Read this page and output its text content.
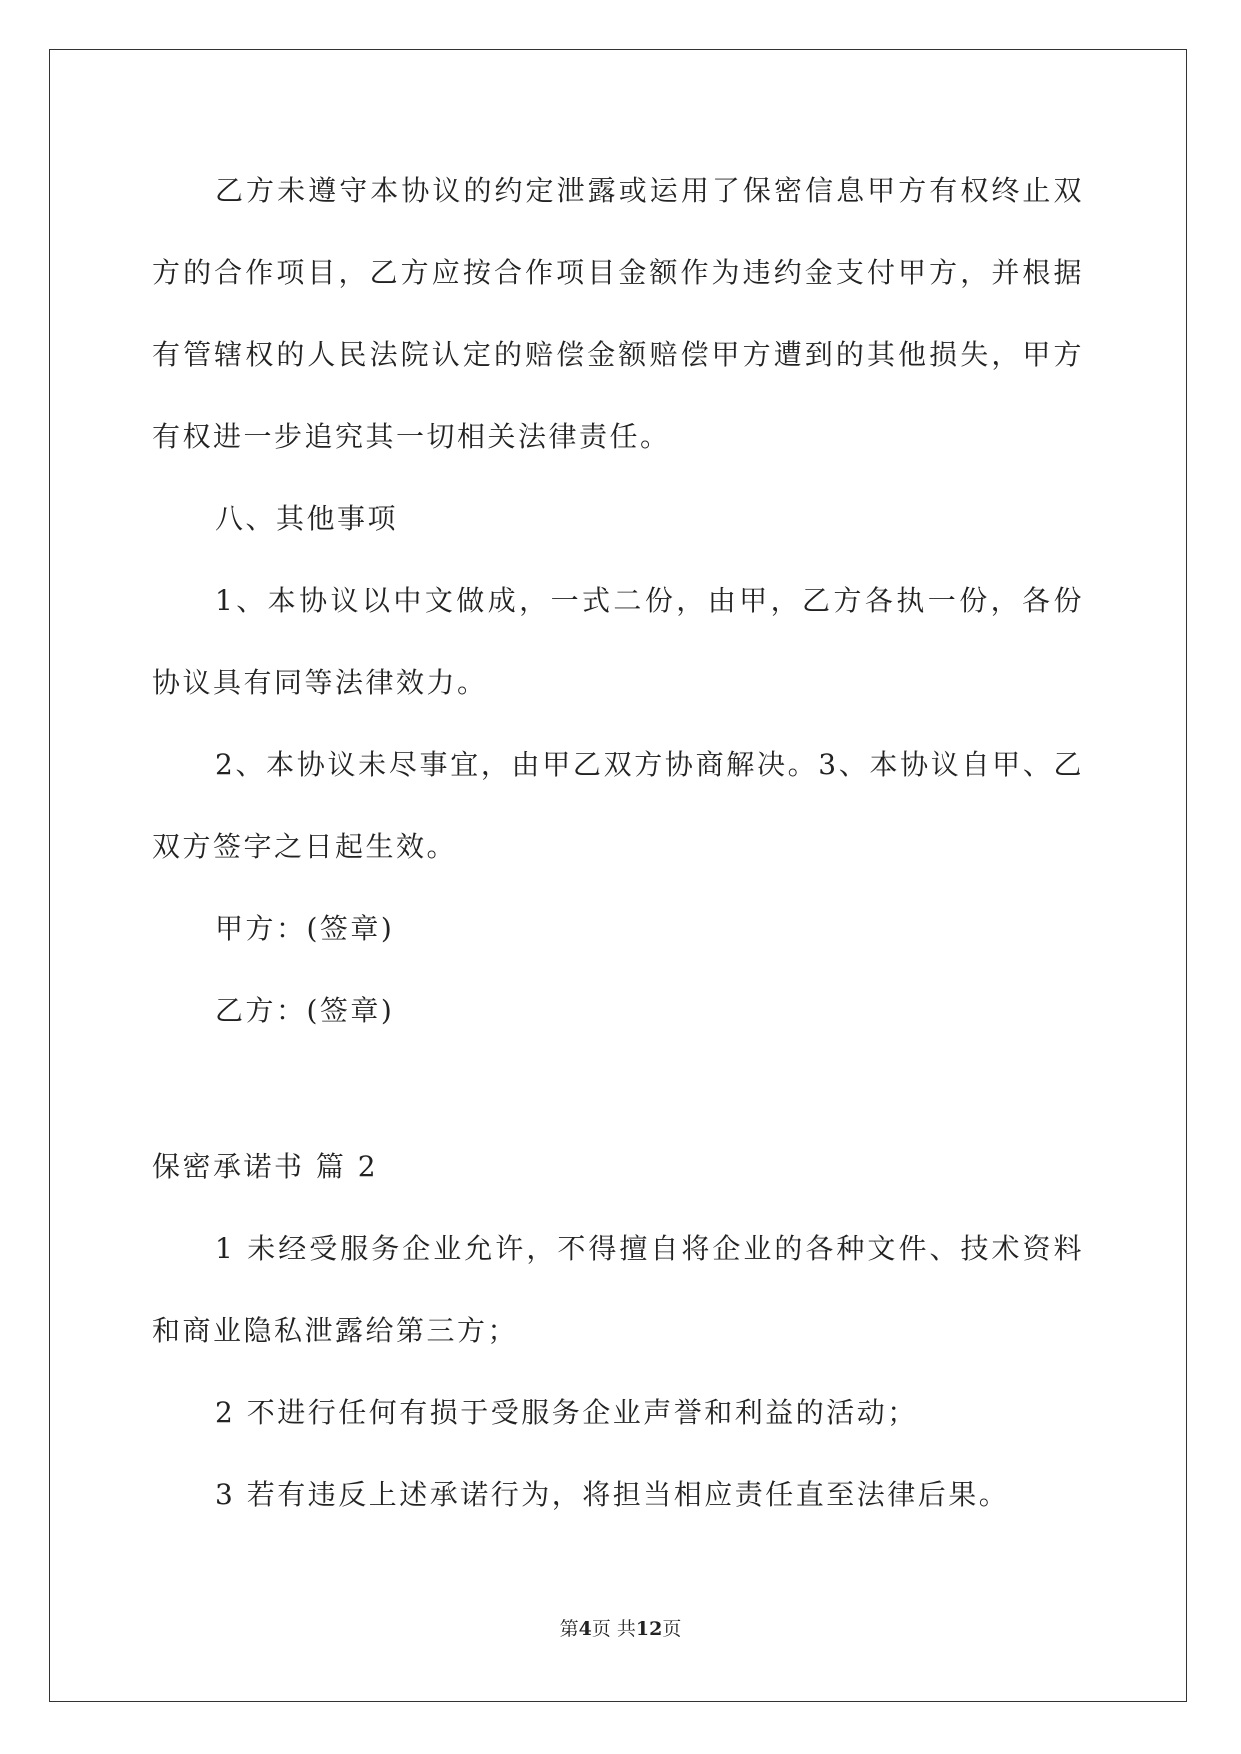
乙方未遵守本协议的约定泄露或运用了保密信息甲方有权终止双方的合作项目，乙方应按合作项目金额作为违约金支付甲方，并根据有管辖权的人民法院认定的赔偿金额赔偿甲方遭到的其他损失，甲方有权进一步追究其一切相关法律责任。

八、其他事项

1、本协议以中文做成，一式二份，由甲，乙方各执一份，各份协议具有同等法律效力。

2、本协议未尽事宜，由甲乙双方协商解决。3、本协议自甲、乙双方签字之日起生效。

甲方：(签章)

乙方：(签章)

保密承诺书 篇 2

1 未经受服务企业允许，不得擅自将企业的各种文件、技术资料和商业隐私泄露给第三方；

2 不进行任何有损于受服务企业声誉和利益的活动；

3 若有违反上述承诺行为，将担当相应责任直至法律后果。

第4页 共12页
